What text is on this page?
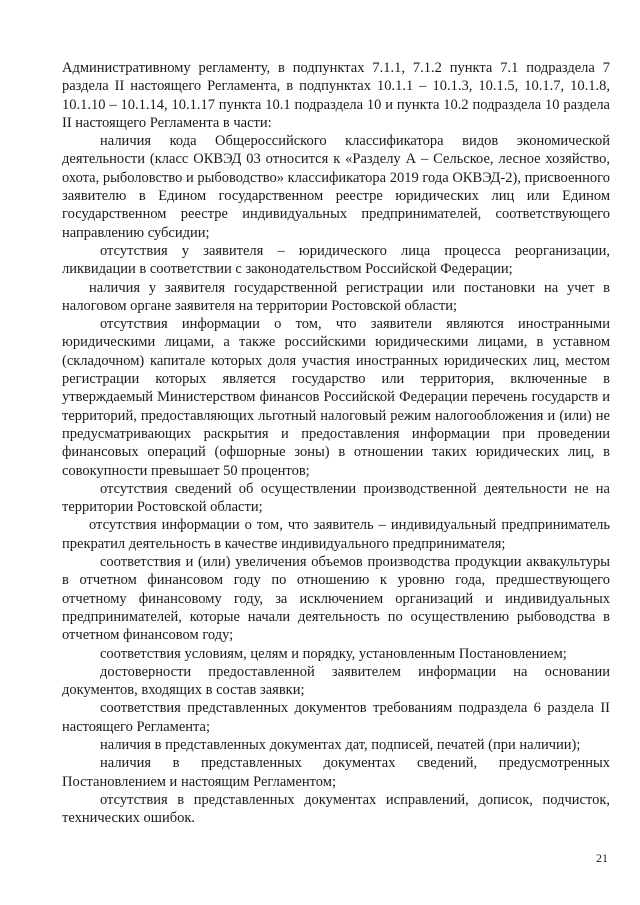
Административному регламенту, в подпунктах 7.1.1, 7.1.2 пункта 7.1 подраздела 7 раздела II настоящего Регламента, в подпунктах 10.1.1 – 10.1.3, 10.1.5, 10.1.7, 10.1.8, 10.1.10 – 10.1.14, 10.1.17 пункта 10.1 подраздела 10 и пункта 10.2 подраздела 10 раздела II настоящего Регламента в части:

наличия кода Общероссийского классификатора видов экономической деятельности (класс ОКВЭД 03 относится к «Разделу А – Сельское, лесное хозяйство, охота, рыболовство и рыбоводство» классификатора 2019 года ОКВЭД-2), присвоенного заявителю в Едином государственном реестре юридических лиц или Едином государственном реестре индивидуальных предпринимателей, соответствующего направлению субсидии;

отсутствия у заявителя – юридического лица процесса реорганизации, ликвидации в соответствии с законодательством Российской Федерации;

наличия у заявителя государственной регистрации или постановки на учет в налоговом органе заявителя на территории Ростовской области;

отсутствия информации о том, что заявители являются иностранными юридическими лицами, а также российскими юридическими лицами, в уставном (складочном) капитале которых доля участия иностранных юридических лиц, местом регистрации которых является государство или территория, включенные в утверждаемый Министерством финансов Российской Федерации перечень государств и территорий, предоставляющих льготный налоговый режим налогообложения и (или) не предусматривающих раскрытия и предоставления информации при проведении финансовых операций (офшорные зоны) в отношении таких юридических лиц, в совокупности превышает 50 процентов;

отсутствия сведений об осуществлении производственной деятельности не на территории Ростовской области;

отсутствия информации о том, что заявитель – индивидуальный предприниматель прекратил деятельность в качестве индивидуального предпринимателя;

соответствия и (или) увеличения объемов производства продукции аквакультуры в отчетном финансовом году по отношению к уровню года, предшествующего отчетному финансовому году, за исключением организаций и индивидуальных предпринимателей, которые начали деятельность по осуществлению рыбоводства в отчетном финансовом году;

соответствия условиям, целям и порядку, установленным Постановлением;

достоверности предоставленной заявителем информации на основании документов, входящих в состав заявки;

соответствия представленных документов требованиям подраздела 6 раздела II настоящего Регламента;

наличия в представленных документах дат, подписей, печатей (при наличии);

наличия в представленных документах сведений, предусмотренных Постановлением и настоящим Регламентом;

отсутствия в представленных документах исправлений, дописок, подчисток, технических ошибок.

21
